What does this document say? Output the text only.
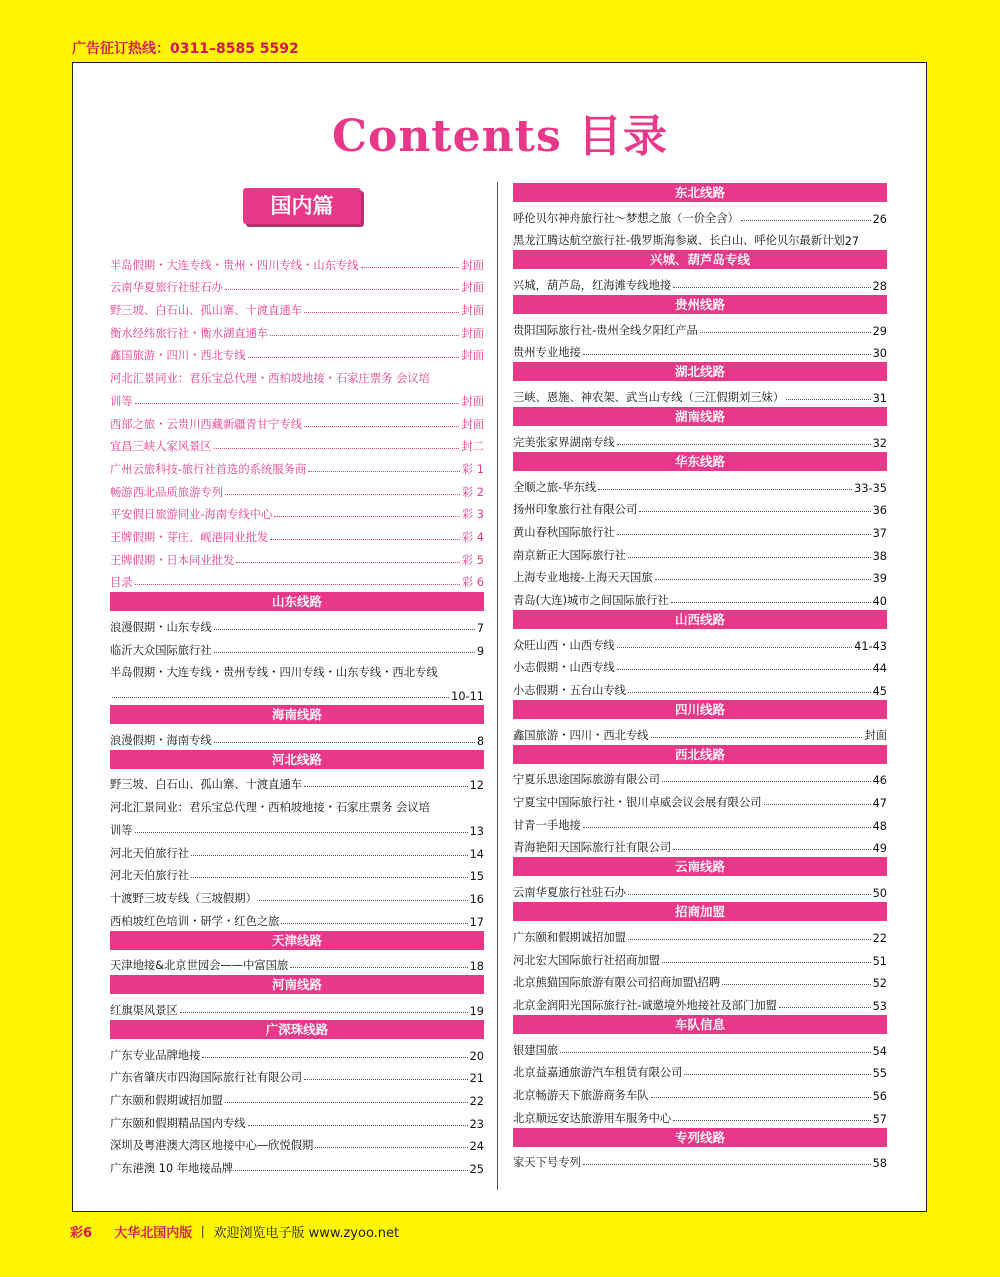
广告征订热线：0311–8585 5592
Contents 目录
国内篇
半岛假期・大连专线・贵州・四川专线・山东专线	封面
云南华夏旅行社驻石办	封面
野三坡、白石山、孤山寨、十渡直通车	封面
衡水经纬旅行社・衡水湖直通车	封面
鑫国旅游・四川・西北专线	封面
河北汇景同业：君乐宝总代理・西柏坡地接・石家庄票务 会议培
训等	封面
西部之旅・云贵川西藏新疆青甘宁专线	封面
宜昌三峡人家风景区	封二
广州云旅科技-旅行社首选的系统服务商	彩 1
畅游西北品质旅游专列	彩 2
平安假日旅游同业-海南专线中心	彩 3
王牌假期・芽庄、岘港同业批发	彩 4
王牌假期・日本同业批发	彩 5
目录	彩 6
山东线路
浪漫假期・山东专线	7
临沂大众国际旅行社	9
半岛假期・大连专线・贵州专线・四川专线・山东专线・西北专线
10-11
海南线路
浪漫假期・海南专线	8
河北线路
野三坡、白石山、孤山寨、十渡直通车	12
河北汇景同业：君乐宝总代理・西柏坡地接・石家庄票务 会议培
训等	13
河北天伯旅行社	14
河北天伯旅行社	15
十渡野三坡专线（三坡假期）	16
西柏坡红色培训・研学・红色之旅	17
天津线路
天津地接&北京世园会——中富国旅	18
河南线路
红旗渠风景区	19
广深珠线路
广东专业品牌地接	20
广东省肇庆市四海国际旅行社有限公司	21
广东颐和假期诚招加盟	22
广东颐和假期精品国内专线	23
深圳及粤港澳大湾区地接中心—欣悦假期	24
广东港澳 10 年地接品牌	25
东北线路
呼伦贝尔神舟旅行社～梦想之旅（一价全含）	26
黑龙江腾达航空旅行社-俄罗斯海参崴、长白山、呼伦贝尔最新计划 27
兴城、葫芦岛专线
兴城，葫芦岛，红海滩专线地接	28
贵州线路
贵阳国际旅行社-贵州全线夕阳红产品	29
贵州专业地接	30
湖北线路
三峡、恩施、神农架、武当山专线（三江假期刘三妹）	31
湖南线路
完美张家界湖南专线	32
华东线路
全顺之旅-华东线	33-35
扬州印象旅行社有限公司	36
黄山春秋国际旅行社	37
南京新正大国际旅行社	38
上海专业地接-上海天天国旅	39
青岛(大连)城市之间国际旅行社	40
山西线路
众旺山西・山西专线	41-43
小志假期・山西专线	44
小志假期・五台山专线	45
四川线路
鑫国旅游・四川・西北专线	封面
西北线路
宁夏乐思途国际旅游有限公司	46
宁夏宝中国际旅行社・银川卓威会议会展有限公司	47
甘青一手地接	48
青海艳阳天国际旅行社有限公司	49
云南线路
云南华夏旅行社驻石办	50
招商加盟
广东颐和假期诚招加盟	22
河北宏大国际旅行社招商加盟	51
北京熊猫国际旅游有限公司招商加盟\招聘	52
北京金润阳光国际旅行社-诚邀境外地接社及部门加盟	53
车队信息
银建国旅	54
北京益嘉通旅游汽车租赁有限公司	55
北京畅游天下旅游商务车队	56
北京顺远安达旅游用车服务中心	57
专列线路
家天下号专列	58
彩6 大华北国内版 丨 欢迎浏览电子版 www.zyoo.net
